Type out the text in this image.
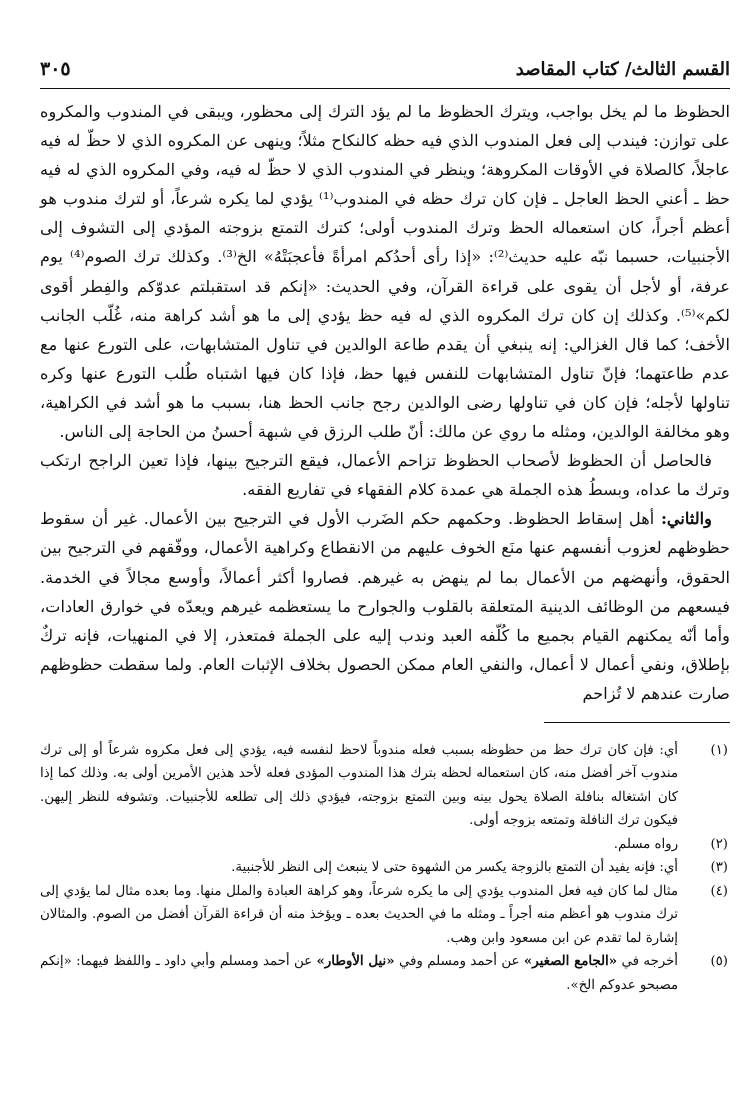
القسم الثالث/ كتاب المقاصد
٣٠٥

الحظوظ ما لم يخل بواجب، ويترك الحظوظ ما لم يؤد الترك إلى محظور، ويبقى في المندوب والمكروه على توازن: فيندب إلى فعل المندوب الذي فيه حظه كالنكاح مثلاً؛ وينهى عن المكروه الذي لا حظّ له فيه عاجلاً، كالصلاة في الأوقات المكروهة؛ وينظر في المندوب الذي لا حظّ له فيه، وفي المكروه الذي له فيه حظ ـ أعني الحظ العاجل ـ فإن كان ترك حظه في المندوب⁽¹⁾ يؤدي لما يكره شرعاً، أو لترك مندوب هو أعظم أجراً، كان استعماله الحظ وترك المندوب أولى؛ كترك التمتع بزوجته المؤدي إلى التشوف إلى الأجنبيات، حسبما نبّه عليه حديث⁽²⁾: «إذا رأى أحدُكم امرأةً فأعجبَتْهُ» الخ⁽³⁾. وكذلك ترك الصوم⁽⁴⁾ يوم عرفة، أو لأجل أن يقوى على قراءة القرآن، وفي الحديث: «إنكم قد استقبلتم عدوّكم والفِطر أقوى لكم»⁽⁵⁾. وكذلك إن كان ترك المكروه الذي له فيه حظ يؤدي إلى ما هو أشد كراهة منه، غُلّب الجانب الأخف؛ كما قال الغزالي: إنه ينبغي أن يقدم طاعة الوالدين في تناول المتشابهات، على التورع عنها مع عدم طاعتهما؛ فإنّ تناول المتشابهات للنفس فيها حظ، فإذا كان فيها اشتباه طُلب التورع عنها وكره تناولها لأجله؛ فإن كان في تناولها رضى الوالدين رجح جانب الحظ هنا، بسبب ما هو أشد في الكراهية، وهو مخالفة الوالدين، ومثله ما روي عن مالك: أنّ طلب الرزق في شبهة أحسنُ من الحاجة إلى الناس.

فالحاصل أن الحظوظ لأصحاب الحظوظ تزاحم الأعمال، فيقع الترجيح بينها، فإذا تعين الراجح ارتكب وترك ما عداه، وبسطُ هذه الجملة هي عمدة كلام الفقهاء في تفاريع الفقه.

والثاني: أهل إسقاط الحظوظ. وحكمهم حكم الضَرب الأول في الترجيح بين الأعمال. غير أن سقوط حظوظهم لعزوب أنفسهم عنها منَع الخوف عليهم من الانقطاع وكراهية الأعمال، ووفّقهم في الترجيح بين الحقوق، وأنهضهم من الأعمال بما لم ينهض به غيرهم. فصاروا أكثر أعمالاً، وأوسع مجالاً في الخدمة. فيسعهم من الوظائف الدينية المتعلقة بالقلوب والجوارح ما يستعظمه غيرهم ويعدّه في خوارق العادات، وأما أنّه يمكنهم القيام بجميع ما كُلّفه العبد وندب إليه على الجملة فمتعذر، إلا في المنهيات، فإنه تركٌ بإطلاق، ونفي أعمال لا أعمال، والنفي العام ممكن الحصول بخلاف الإثبات العام. ولما سقطت حظوظهم صارت عندهم لا تُزاحم

(١)
أي: فإن كان ترك حظ من حظوظه بسبب فعله مندوباً لاحظ لنفسه فيه، يؤدي إلى فعل مكروه شرعاً أو إلى ترك مندوب آخر أفضل منه، كان استعماله لحظه بترك هذا المندوب المؤدى فعله لأحد هذين الأمرين أولى به. وذلك كما إذا كان اشتغاله بنافلة الصلاة يحول بينه وبين التمتع بزوجته، فيؤدي ذلك إلى تطلعه للأجنبيات. وتشوفه للنظر إليهن. فيكون ترك النافلة وتمتعه بزوجه أولى.
(٢)
رواه مسلم.
(٣)
أي: فإنه يفيد أن التمتع بالزوجة يكسر من الشهوة حتى لا ينبعث إلى النظر للأجنبية.
(٤)
مثال لما كان فيه فعل المندوب يؤدي إلى ما يكره شرعاً، وهو كراهة العبادة والملل منها. وما بعده مثال لما يؤدي إلى ترك مندوب هو أعظم منه أجراً ـ ومثله ما في الحديث بعده ـ ويؤخذ منه أن قراءة القرآن أفضل من الصوم. والمثالان إشارة لما تقدم عن ابن مسعود وابن وهب.
(٥)
أخرجه في «الجامع الصغير» عن أحمد ومسلم وفي «نيل الأوطار» عن أحمد ومسلم وأبي داود ـ واللفظ فيهما: «إنكم مصبحو عدوكم الخ».
